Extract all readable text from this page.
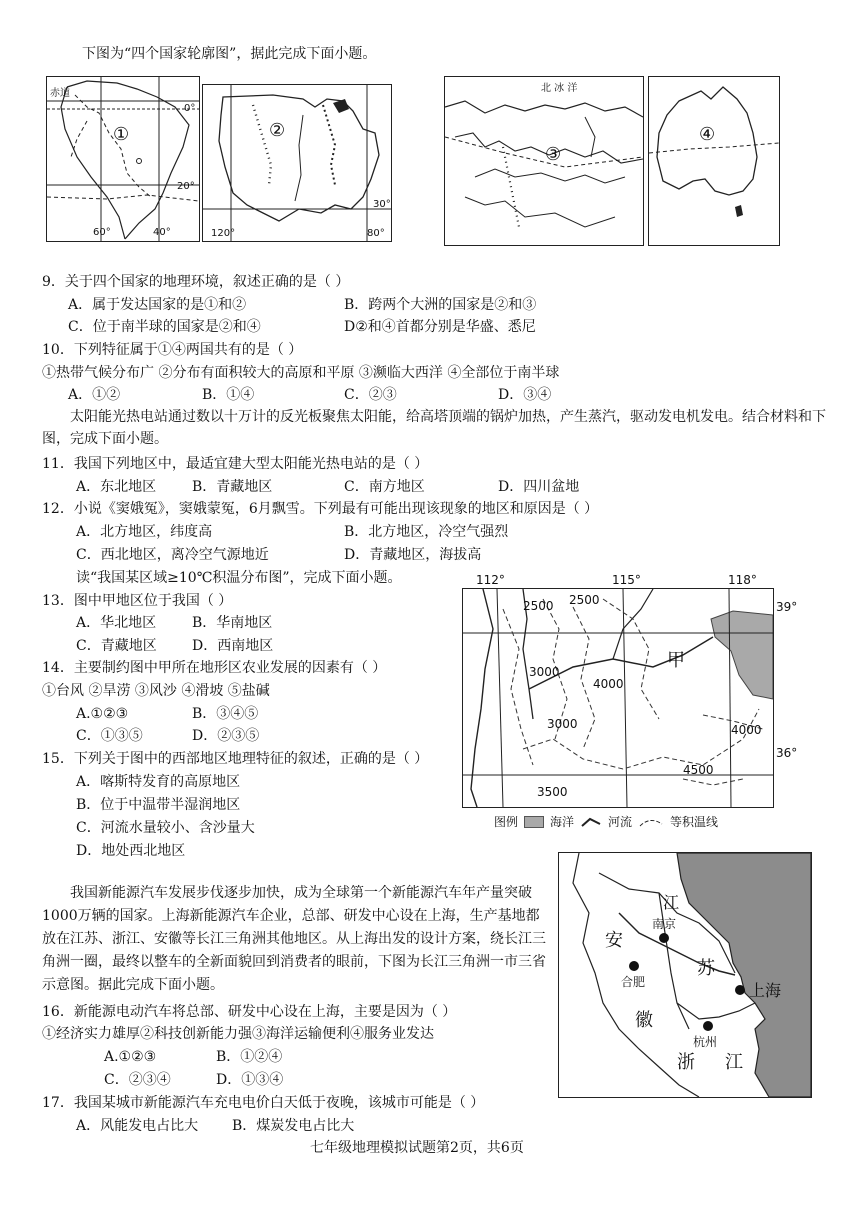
下图为“四个国家轮廓图”，据此完成下面小题。
赤道
①
0°
20°
60°	40°
②
120°
30°
80°
北 冰 洋
③
④
9．关于四个国家的地理环境，叙述正确的是（ ）
A．属于发达国家的是①和②	B．跨两个大洲的国家是②和③
C．位于南半球的国家是②和④	D②和④首都分别是华盛、悉尼
10．下列特征属于①④两国共有的是（ ）
①热带气候分布广 ②分布有面积较大的高原和平原 ③濒临大西洋 ④全部位于南半球
A．①②	B．①④	C．②③	D．③④
太阳能光热电站通过数以十万计的反光板聚焦太阳能，给高塔顶端的锅炉加热，产生蒸汽，驱动发电机发电。结合材料和下图，完成下面小题。
11．我国下列地区中，最适宜建大型太阳能光热电站的是（ ）
A．东北地区	B．青藏地区	C．南方地区	D．四川盆地
12．小说《窦娥冤》，窦娥蒙冤，6月飘雪。下列最有可能出现该现象的地区和原因是（ ）
A．北方地区，纬度高	B．北方地区，冷空气强烈
C．西北地区，离冷空气源地近	D．青藏地区，海拔高
读“我国某区域≥10℃积温分布图”，完成下面小题。
13．图中甲地区位于我国（ ）
A．华北地区	B．华南地区
C．青藏地区	D．西南地区
14．主要制约图中甲所在地形区农业发展的因素有（ ）
①台风 ②旱涝 ③风沙 ④滑坡 ⑤盐碱
A.①②③	B．③④⑤
C．①③⑤	D．②③⑤
15．下列关于图中的西部地区地理特征的叙述，正确的是（ ）
A．喀斯特发育的高原地区
B．位于中温带半湿润地区
C．河流水量较小、含沙量大
D．地处西北地区
112°	115°	118°
2500 2500
3000
4000
甲
3000	4000
4500
3500
39°
36°
图例	海洋	河流	等积温线
我国新能源汽车发展步伐逐步加快，成为全球第一个新能源汽车年产量突破1000万辆的国家。上海新能源汽车企业，总部、研发中心设在上海，生产基地都放在江苏、浙江、安徽等长江三角洲其他地区。从上海出发的设计方案，绕长江三角洲一圈，最终以整车的全新面貌回到消费者的眼前，下图为长江三角洲一市三省示意图。据此完成下面小题。
江
南京
安
苏
合肥	上海
徽
杭州
浙 江
16．新能源电动汽车将总部、研发中心设在上海，主要是因为（ ）
①经济实力雄厚②科技创新能力强③海洋运输便利④服务业发达
A.①②③	B．①②④
C．②③④	D．①③④
17．我国某城市新能源汽车充电电价白天低于夜晚，该城市可能是（ ）
A．风能发电占比大 B．煤炭发电占比大
七年级地理模拟试题第2页，共6页
